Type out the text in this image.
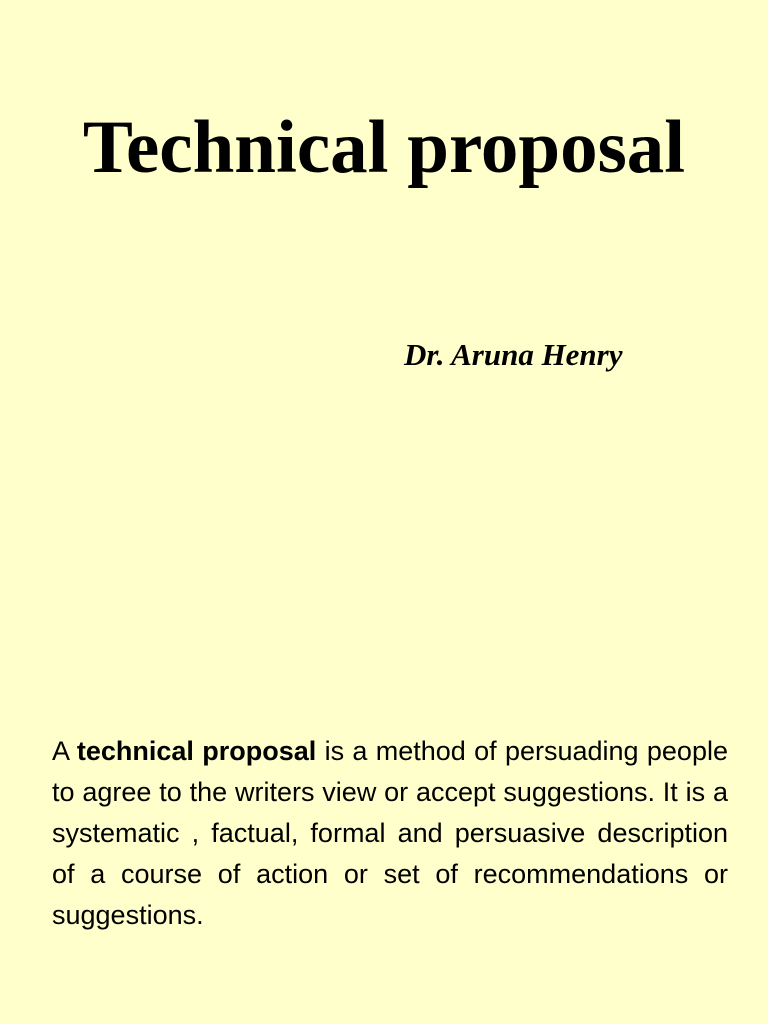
Technical proposal
Dr. Aruna Henry

A technical proposal is a method of persuading people to agree to the writers view or accept suggestions. It is a systematic , factual, formal and persuasive description of a course of action or set of recommendations or suggestions.
